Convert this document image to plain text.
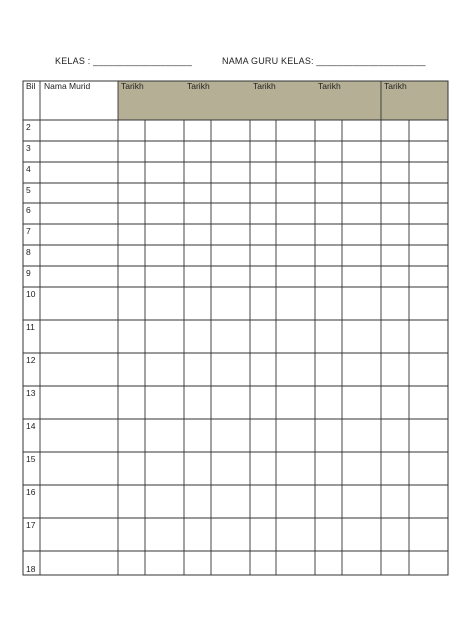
KELAS : ___________________	NAMA GURU KELAS: _____________________
Bil Nama Murid	Tarikh	Tarikh	Tarikh	Tarikh	Tarikh
2
3
4
5
6
7
8
9
10
11
12
13
14
15
16
17
18
